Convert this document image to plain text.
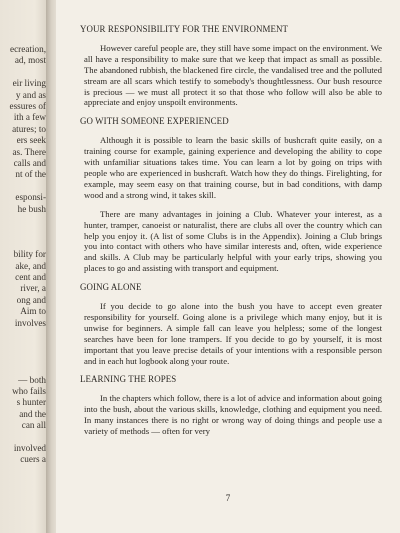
ecreation,
ad, most
eir living
y and as
essures of
ith a few
atures; to
ers seek
as. There
calls and
nt of the
esponsi-
he bush
bility for
ake, and
cent and
river, a
ong and
Aim to
involves
— both
who fails
s hunter
and the
can all
involved
cuers a
YOUR RESPONSIBILITY FOR THE ENVIRONMENT

However careful people are, they still have some impact on the environment. We all have a responsibility to make sure that we keep that impact as small as possible. The abandoned rubbish, the blackened fire circle, the vandalised tree and the polluted stream are all scars which testify to somebody's thoughtlessness. Our bush resource is precious — we must all protect it so that those who follow will also be able to appreciate and enjoy unspoilt environments.

GO WITH SOMEONE EXPERIENCED

Although it is possible to learn the basic skills of bushcraft quite easily, on a training course for example, gaining experience and developing the ability to cope with unfamiliar situations takes time. You can learn a lot by going on trips with people who are experienced in bushcraft. Watch how they do things. Firelighting, for example, may seem easy on that training course, but in bad conditions, with damp wood and a strong wind, it takes skill.

There are many advantages in joining a Club. Whatever your interest, as a hunter, tramper, canoeist or naturalist, there are clubs all over the country which can help you enjoy it. (A list of some Clubs is in the Appendix). Joining a Club brings you into contact with others who have similar interests and, often, wide experience and skills. A Club may be particularly helpful with your early trips, showing you places to go and assisting with transport and equipment.

GOING ALONE

If you decide to go alone into the bush you have to accept even greater responsibility for yourself. Going alone is a privilege which many enjoy, but it is unwise for beginners. A simple fall can leave you helpless; some of the longest searches have been for lone trampers. If you decide to go by yourself, it is most important that you leave precise details of your intentions with a responsible person and in each hut logbook along your route.

LEARNING THE ROPES

In the chapters which follow, there is a lot of advice and information about going into the bush, about the various skills, knowledge, clothing and equipment you need. In many instances there is no right or wrong way of doing things and people use a variety of methods — often for very

7
